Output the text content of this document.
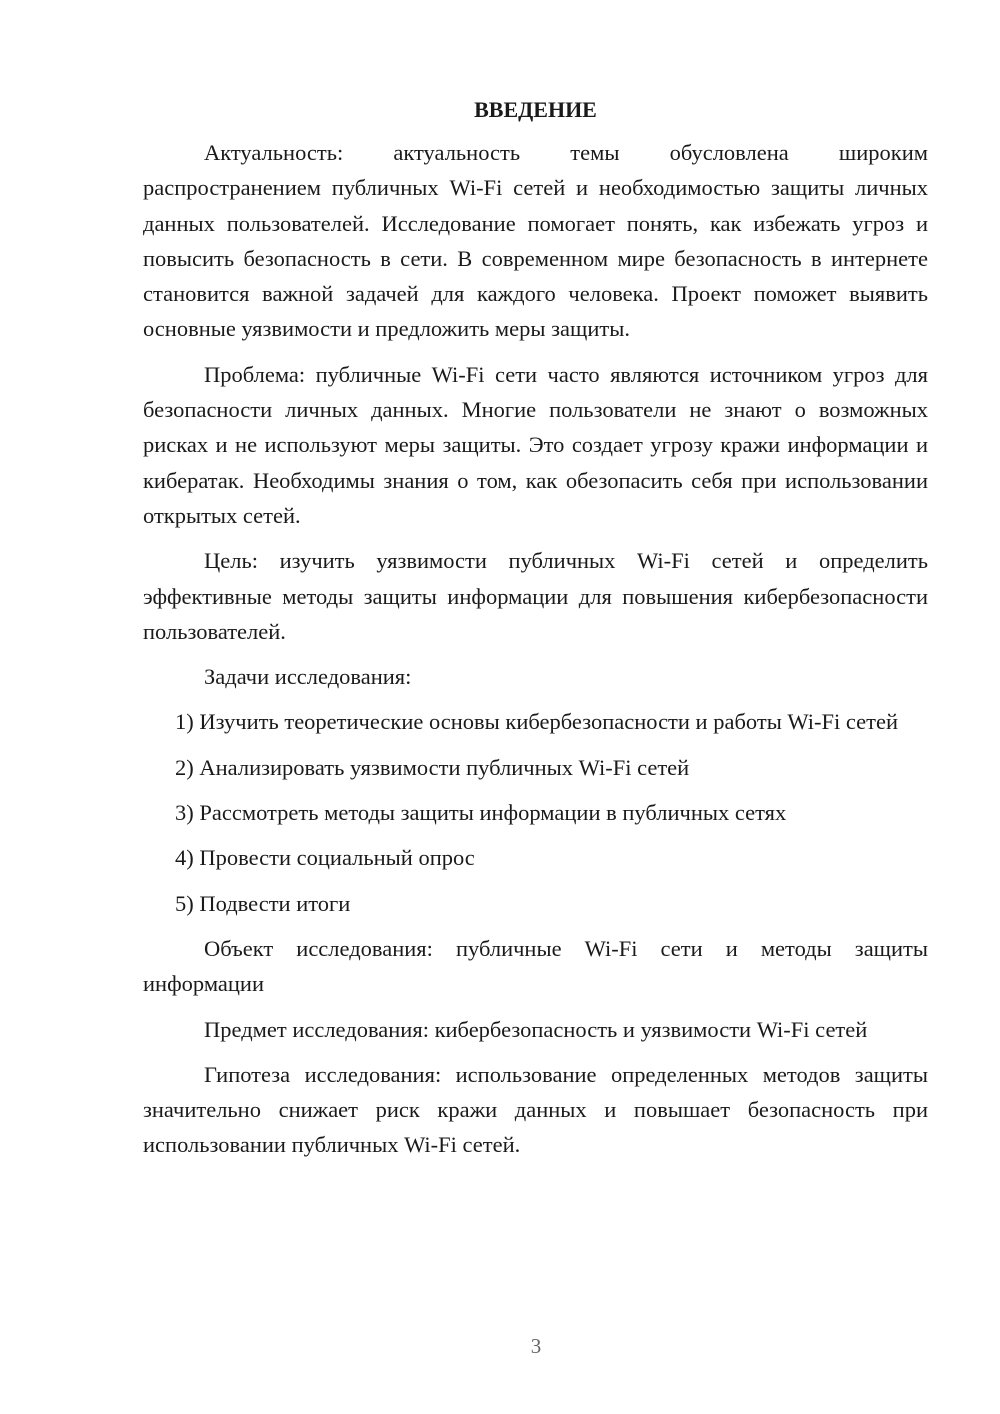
ВВЕДЕНИЕ

Актуальность: актуальность темы обусловлена широким распространением публичных Wi-Fi сетей и необходимостью защиты личных данных пользователей. Исследование помогает понять, как избежать угроз и повысить безопасность в сети. В современном мире безопасность в интернете становится важной задачей для каждого человека. Проект поможет выявить основные уязвимости и предложить меры защиты.

Проблема: публичные Wi-Fi сети часто являются источником угроз для безопасности личных данных. Многие пользователи не знают о возможных рисках и не используют меры защиты. Это создает угрозу кражи информации и кибератак. Необходимы знания о том, как обезопасить себя при использовании открытых сетей.

Цель: изучить уязвимости публичных Wi-Fi сетей и определить эффективные методы защиты информации для повышения кибербезопасности пользователей.

Задачи исследования:

1) Изучить теоретические основы кибербезопасности и работы Wi-Fi сетей

2) Анализировать уязвимости публичных Wi-Fi сетей

3) Рассмотреть методы защиты информации в публичных сетях

4) Провести социальный опрос

5) Подвести итоги

Объект исследования: публичные Wi-Fi сети и методы защиты информации

Предмет исследования: кибербезопасность и уязвимости Wi-Fi сетей

Гипотеза исследования: использование определенных методов защиты значительно снижает риск кражи данных и повышает безопасность при использовании публичных Wi-Fi сетей.

3
